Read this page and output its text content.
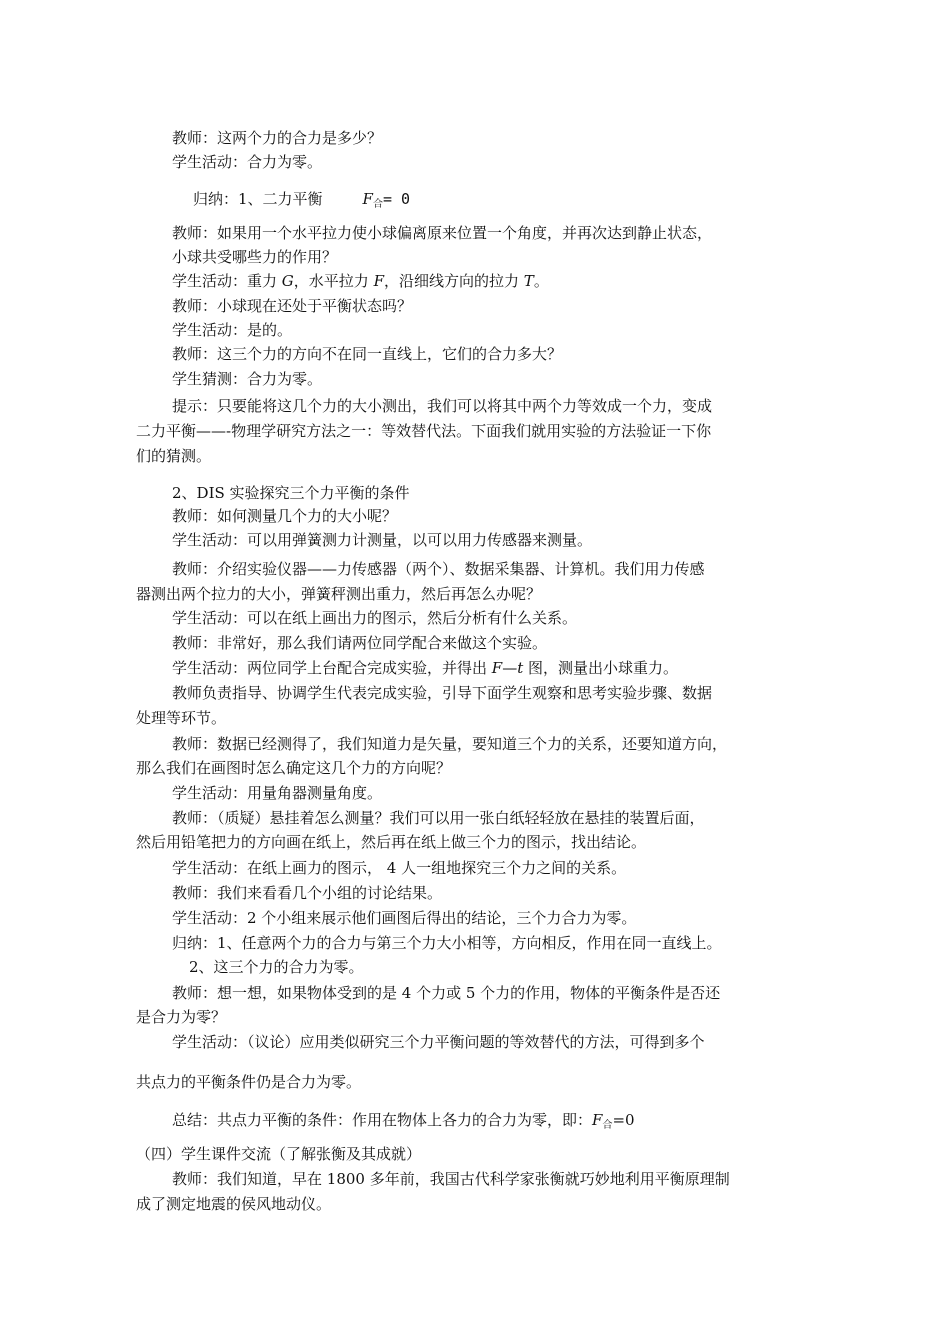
教师：这两个力的合力是多少？

学生活动：合力为零。

归纳：1、二力平衡	$F_合= 0$

教师：如果用一个水平拉力使小球偏离原来位置一个角度，并再次达到静止状态，

小球共受哪些力的作用？

学生活动：重力 G，水平拉力 F，沿细线方向的拉力 T。

教师：小球现在还处于平衡状态吗？

学生活动：是的。

教师：这三个力的方向不在同一直线上，它们的合力多大？

学生猜测：合力为零。

提示：只要能将这几个力的大小测出，我们可以将其中两个力等效成一个力，变成

二力平衡——-物理学研究方法之一：等效替代法。下面我们就用实验的方法验证一下你

们的猜测。

2、DIS 实验探究三个力平衡的条件

教师：如何测量几个力的大小呢？

学生活动：可以用弹簧测力计测量，以可以用力传感器来测量。

教师：介绍实验仪器——力传感器（两个）、数据采集器、计算机。我们用力传感

器测出两个拉力的大小，弹簧秤测出重力，然后再怎么办呢？

学生活动：可以在纸上画出力的图示，然后分析有什么关系。

教师：非常好，那么我们请两位同学配合来做这个实验。

学生活动：两位同学上台配合完成实验，并得出 F—t 图，测量出小球重力。

教师负责指导、协调学生代表完成实验，引导下面学生观察和思考实验步骤、数据

处理等环节。

教师：数据已经测得了，我们知道力是矢量，要知道三个力的关系，还要知道方向，

那么我们在画图时怎么确定这几个力的方向呢？

学生活动：用量角器测量角度。

教师：（质疑）悬挂着怎么测量？我们可以用一张白纸轻轻放在悬挂的装置后面，

然后用铅笔把力的方向画在纸上，然后再在纸上做三个力的图示，找出结论。

学生活动：在纸上画力的图示， 4 人一组地探究三个力之间的关系。

教师：我们来看看几个小组的讨论结果。

学生活动：2 个小组来展示他们画图后得出的结论，三个力合力为零。

归纳：1、任意两个力的合力与第三个力大小相等，方向相反，作用在同一直线上。

2、这三个力的合力为零。

教师：想一想，如果物体受到的是 4 个力或 5 个力的作用，物体的平衡条件是否还

是合力为零？

学生活动：（议论）应用类似研究三个力平衡问题的等效替代的方法，可得到多个

共点力的平衡条件仍是合力为零。

总结：共点力平衡的条件：作用在物体上各力的合力为零，即：$F_合=0$

（四）学生课件交流（了解张衡及其成就）

教师：我们知道，早在 1800 多年前，我国古代科学家张衡就巧妙地利用平衡原理制

成了测定地震的侯风地动仪。
